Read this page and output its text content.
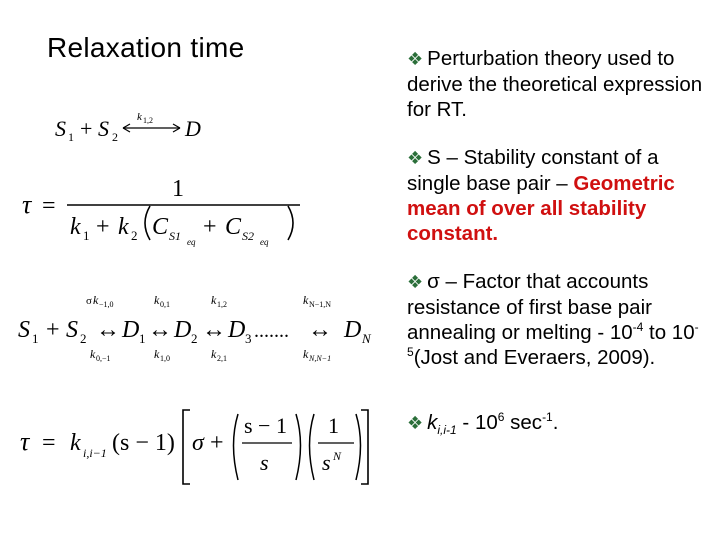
Relaxation time
S 1 + S 2
k 1,2 D
τ =
1
k 1 + k 2 C S1 eq
+ C S2 eq
σ k −1,0	k 0,1	k 1,2	k N−1,N
S 1 + S 2 ↔ D 1 ↔ D 2 ↔ D 3 ....... ↔ D N
k 0,−1	k 1,0	k 2,1	k N,N−1
τ = k i,i−1 (s − 1) σ +
s − 1
s
1
s N
❖ Perturbation theory used to derive the theoretical expression for RT.
❖ S – Stability constant of a single base pair – Geometric mean of over all stability constant.
❖ σ – Factor that accounts resistance of first base pair annealing or melting - $10^{-4}$ to $10^{-5}(Jost$ and Everaers, 2009).
❖ $k_{i,i-1} - 10^6$ $\sec^{-1}$.
